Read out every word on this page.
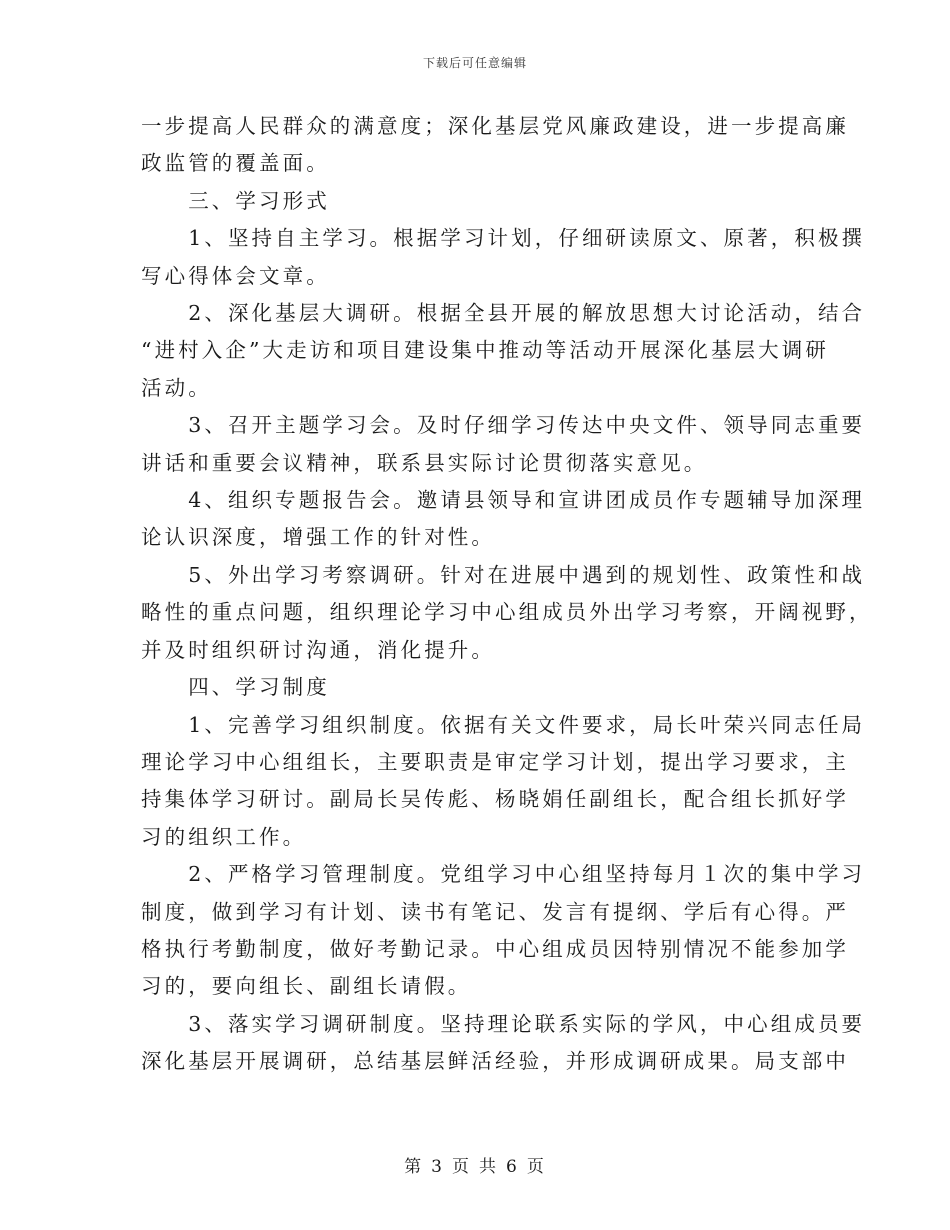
下载后可任意编辑

一步提高人民群众的满意度；深化基层党风廉政建设，进一步提高廉
政监管的覆盖面。
　　三、学习形式
　　1、坚持自主学习。根据学习计划，仔细研读原文、原著，积极撰
写心得体会文章。
　　2、深化基层大调研。根据全县开展的解放思想大讨论活动，结合
“进村入企”大走访和项目建设集中推动等活动开展深化基层大调研
活动。
　　3、召开主题学习会。及时仔细学习传达中央文件、领导同志重要
讲话和重要会议精神，联系县实际讨论贯彻落实意见。
　　4、组织专题报告会。邀请县领导和宣讲团成员作专题辅导加深理
论认识深度，增强工作的针对性。
　　5、外出学习考察调研。针对在进展中遇到的规划性、政策性和战
略性的重点问题，组织理论学习中心组成员外出学习考察，开阔视野，
并及时组织研讨沟通，消化提升。
　　四、学习制度
　　1、完善学习组织制度。依据有关文件要求，局长叶荣兴同志任局
理论学习中心组组长，主要职责是审定学习计划，提出学习要求，主
持集体学习研讨。副局长吴传彪、杨晓娟任副组长，配合组长抓好学
习的组织工作。
　　2、严格学习管理制度。党组学习中心组坚持每月１次的集中学习
制度，做到学习有计划、读书有笔记、发言有提纲、学后有心得。严
格执行考勤制度，做好考勤记录。中心组成员因特别情况不能参加学
习的，要向组长、副组长请假。
　　3、落实学习调研制度。坚持理论联系实际的学风，中心组成员要
深化基层开展调研，总结基层鲜活经验，并形成调研成果。局支部中

第 3 页 共 6 页
